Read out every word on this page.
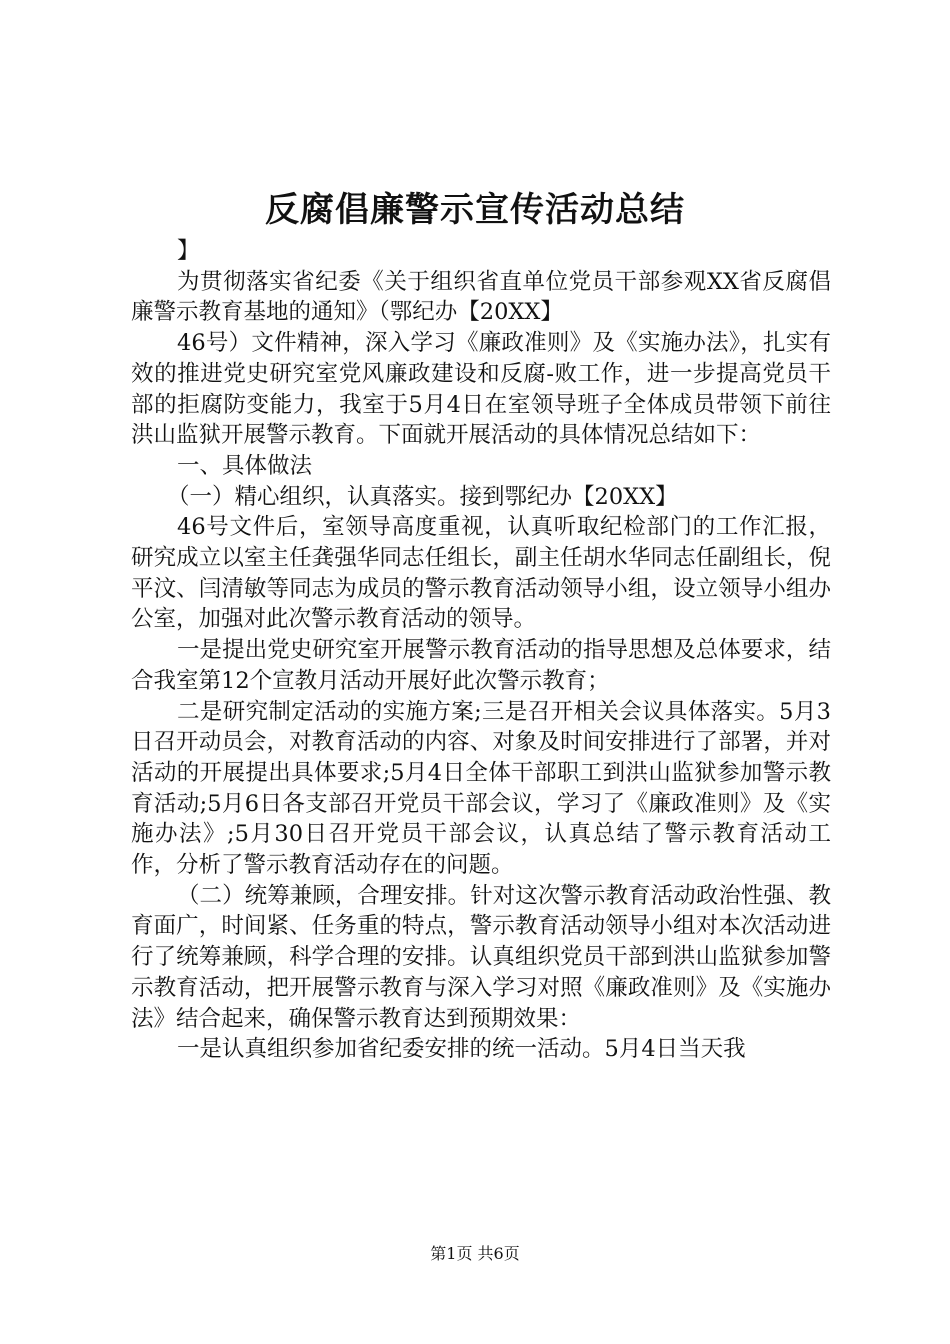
反腐倡廉警示宣传活动总结

】

为贯彻落实省纪委《关于组织省直单位党员干部参观XX省反腐倡廉警示教育基地的通知》（鄂纪办【20XX】

46号）文件精神，深入学习《廉政准则》及《实施办法》，扎实有效的推进党史研究室党风廉政建设和反腐-败工作，进一步提高党员干部的拒腐防变能力，我室于5月4日在室领导班子全体成员带领下前往洪山监狱开展警示教育。下面就开展活动的具体情况总结如下：

一、具体做法

（一）精心组织，认真落实。接到鄂纪办【20XX】

46号文件后，室领导高度重视，认真听取纪检部门的工作汇报，研究成立以室主任龚强华同志任组长，副主任胡水华同志任副组长，倪平汶、闫清敏等同志为成员的警示教育活动领导小组，设立领导小组办公室，加强对此次警示教育活动的领导。

一是提出党史研究室开展警示教育活动的指导思想及总体要求，结合我室第12个宣教月活动开展好此次警示教育；

二是研究制定活动的实施方案;三是召开相关会议具体落实。5月3日召开动员会，对教育活动的内容、对象及时间安排进行了部署，并对活动的开展提出具体要求;5月4日全体干部职工到洪山监狱参加警示教育活动;5月6日各支部召开党员干部会议，学习了《廉政准则》及《实施办法》;5月30日召开党员干部会议，认真总结了警示教育活动工作，分析了警示教育活动存在的问题。

（二）统筹兼顾，合理安排。针对这次警示教育活动政治性强、教育面广，时间紧、任务重的特点，警示教育活动领导小组对本次活动进行了统筹兼顾，科学合理的安排。认真组织党员干部到洪山监狱参加警示教育活动，把开展警示教育与深入学习对照《廉政准则》及《实施办法》结合起来，确保警示教育达到预期效果：

一是认真组织参加省纪委安排的统一活动。5月4日当天我

第1页 共6页
